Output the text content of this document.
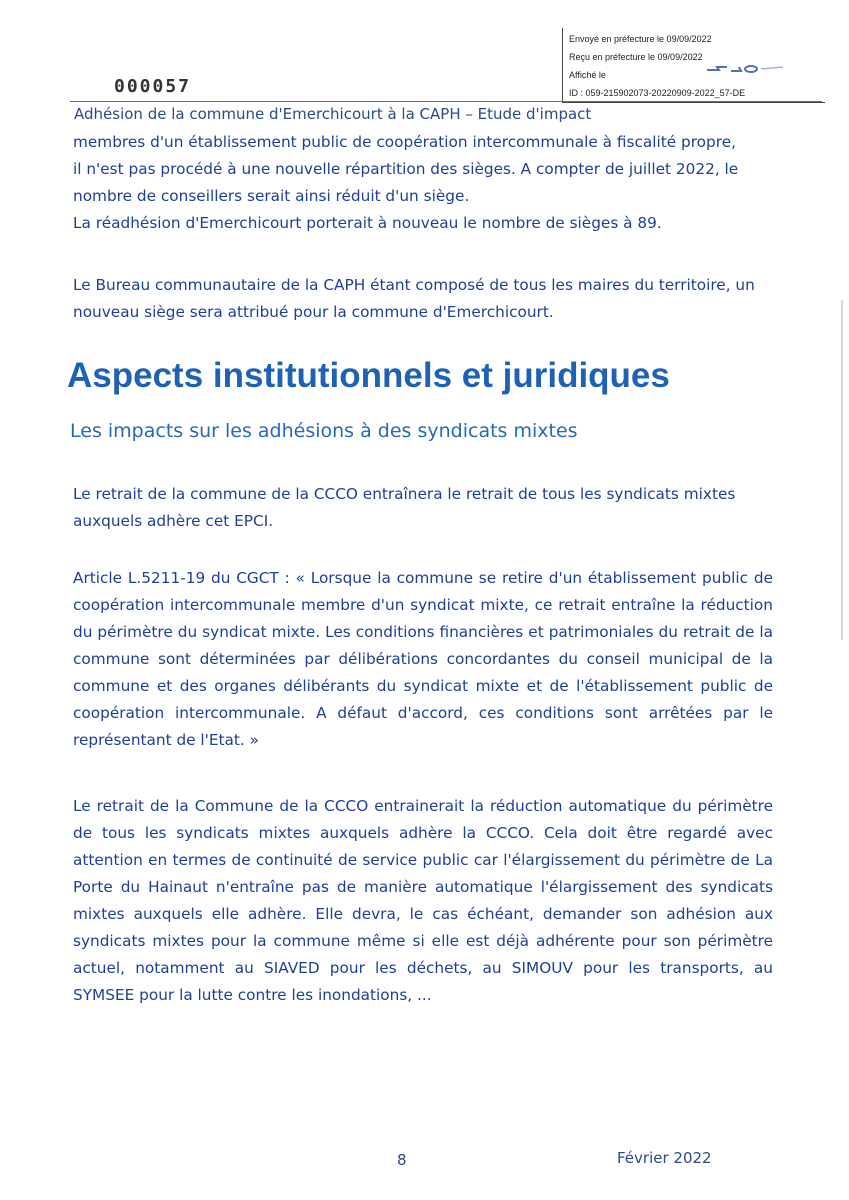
Envoyé en préfecture le 09/09/2022
Reçu en préfecture le 09/09/2022
Affiché le
ID : 059-215902073-20220909-2022_57-DE
000057
Adhésion de la commune d'Emerchicourt à la CAPH – Etude d'impact

membres d'un établissement public de coopération intercommunale à fiscalité propre,

il n'est pas procédé à une nouvelle répartition des sièges. A compter de juillet 2022, le

nombre de conseillers serait ainsi réduit d'un siège.

La réadhésion d'Emerchicourt porterait à nouveau le nombre de sièges à 89.

Le Bureau communautaire de la CAPH étant composé de tous les maires du territoire, un nouveau siège sera attribué pour la commune d'Emerchicourt.

Aspects institutionnels et juridiques
Les impacts sur les adhésions à des syndicats mixtes

Le retrait de la commune de la CCCO entraînera le retrait de tous les syndicats mixtes auxquels adhère cet EPCI.

Article L.5211-19 du CGCT : « Lorsque la commune se retire d'un établissement public de coopération intercommunale membre d'un syndicat mixte, ce retrait entraîne la réduction du périmètre du syndicat mixte. Les conditions financières et patrimoniales du retrait de la commune sont déterminées par délibérations concordantes du conseil municipal de la commune et des organes délibérants du syndicat mixte et de l'établissement public de coopération intercommunale. A défaut d'accord, ces conditions sont arrêtées par le représentant de l'Etat. »

Le retrait de la Commune de la CCCO entrainerait la réduction automatique du périmètre de tous les syndicats mixtes auxquels adhère la CCCO. Cela doit être regardé avec attention en termes de continuité de service public car l'élargissement du périmètre de La Porte du Hainaut n'entraîne pas de manière automatique l'élargissement des syndicats mixtes auxquels elle adhère. Elle devra, le cas échéant, demander son adhésion aux syndicats mixtes pour la commune même si elle est déjà adhérente pour son périmètre actuel, notamment au SIAVED pour les déchets, au SIMOUV pour les transports, au SYMSEE pour la lutte contre les inondations, ...

8	Février 2022
